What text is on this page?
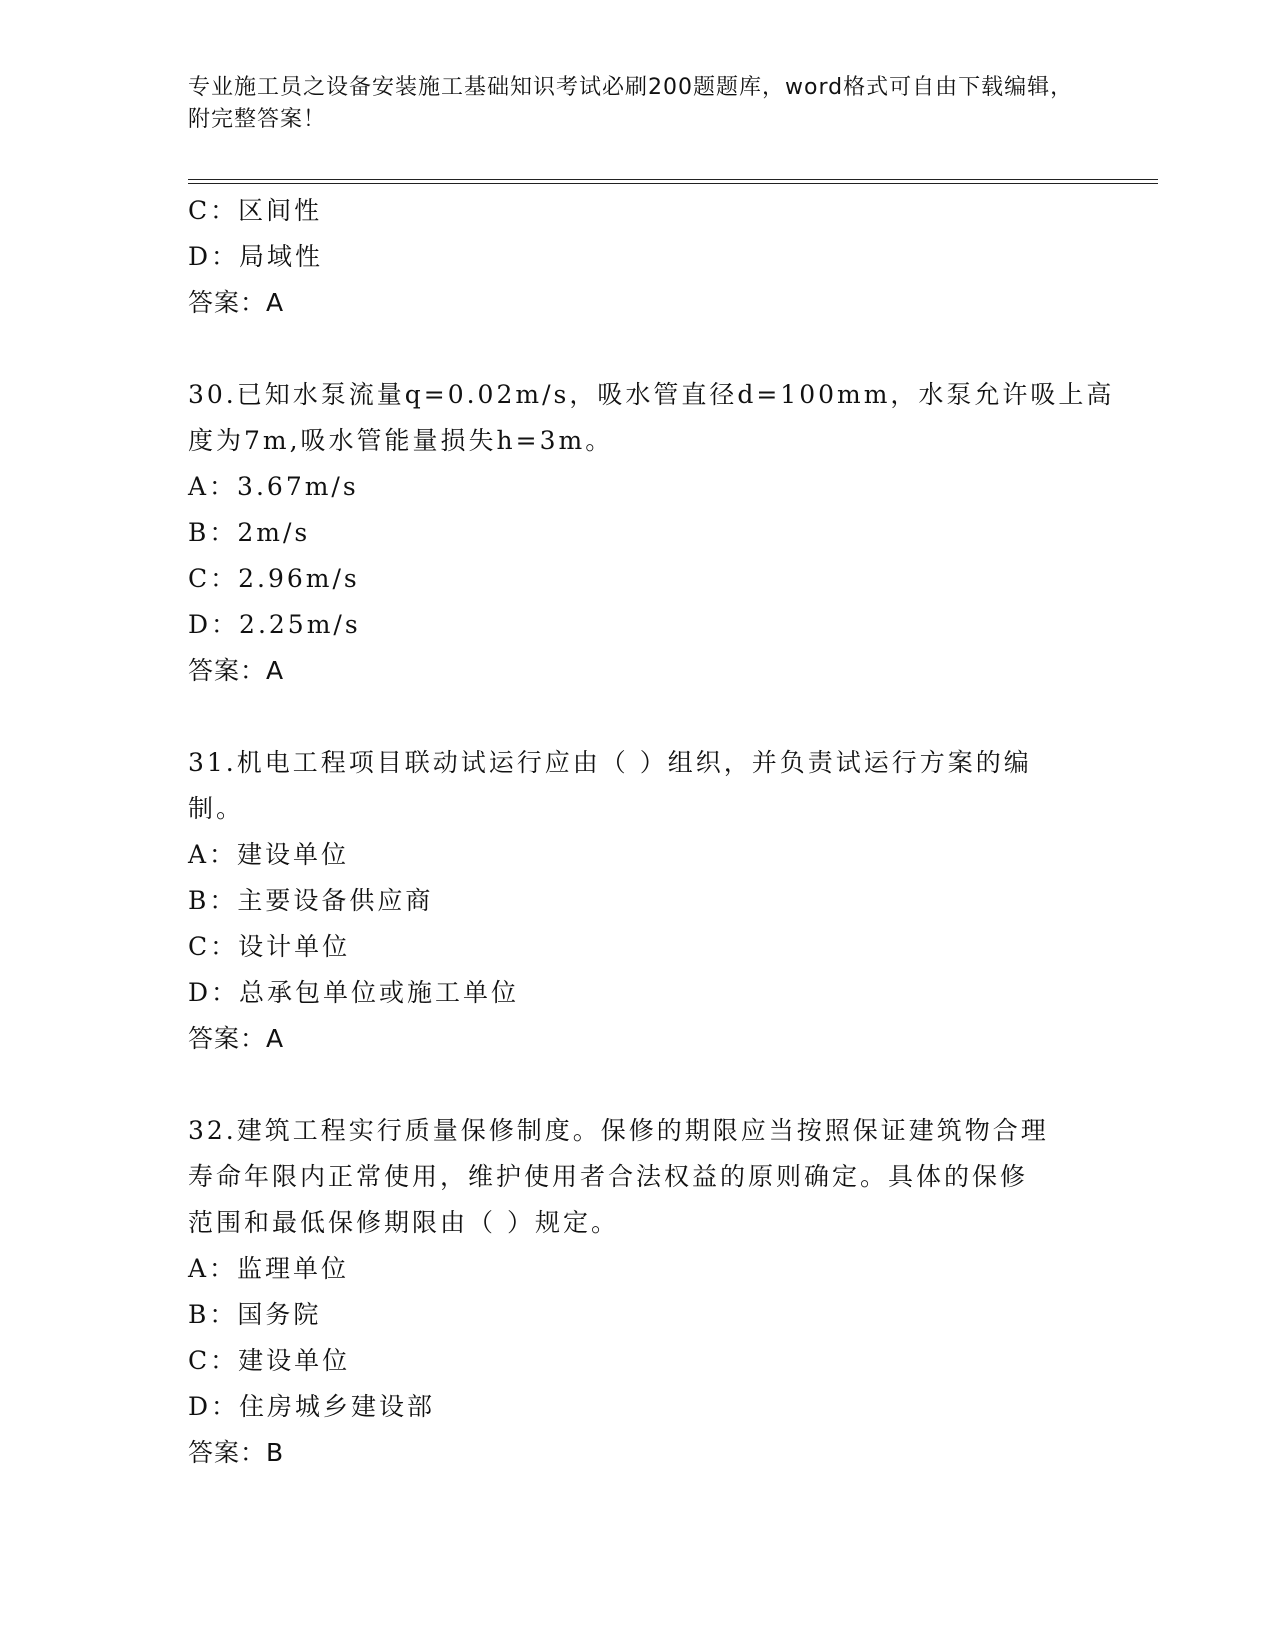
专业施工员之设备安装施工基础知识考试必刷200题题库，word格式可自由下载编辑，附完整答案！
C：区间性
D：局域性
答案：A
30.已知水泵流量q=0.02m/s，吸水管直径d=100mm，水泵允许吸上高
度为7m,吸水管能量损失h=3m。
A：3.67m/s
B：2m/s
C：2.96m/s
D：2.25m/s
答案：A
31.机电工程项目联动试运行应由（ ）组织，并负责试运行方案的编
制。
A：建设单位
B：主要设备供应商
C：设计单位
D：总承包单位或施工单位
答案：A
32.建筑工程实行质量保修制度。保修的期限应当按照保证建筑物合理
寿命年限内正常使用，维护使用者合法权益的原则确定。具体的保修
范围和最低保修期限由（ ）规定。
A：监理单位
B：国务院
C：建设单位
D：住房城乡建设部
答案：B
